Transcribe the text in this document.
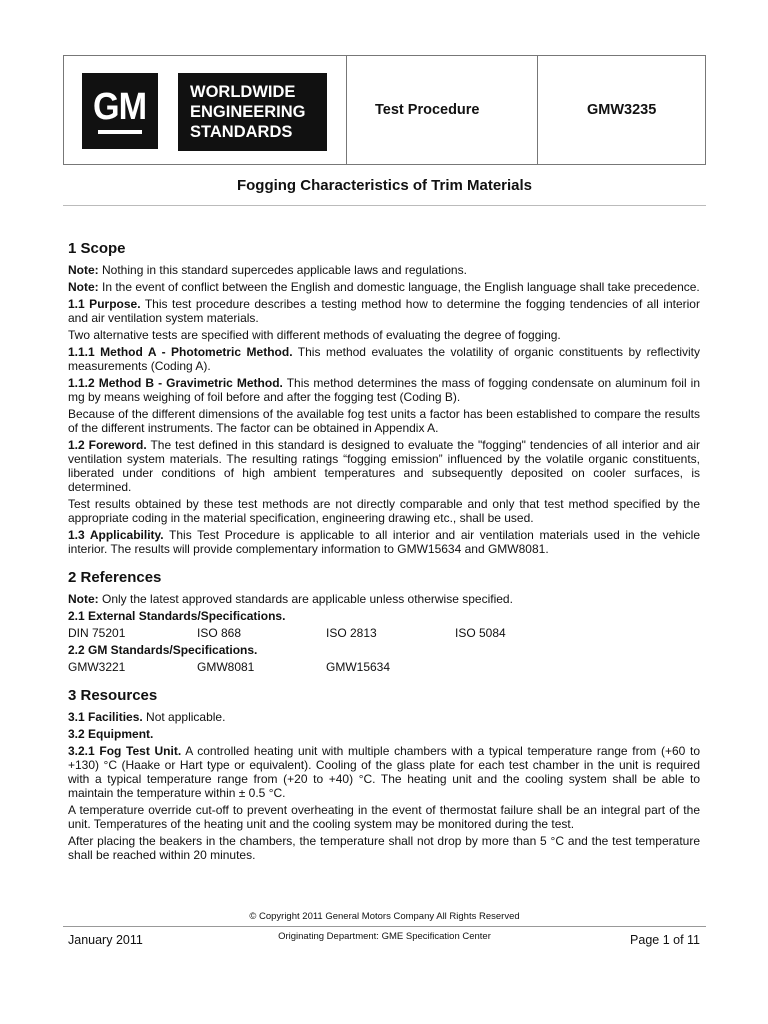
GM	WORLDWIDE
ENGINEERING
STANDARDS
Test Procedure	GMW3235
Fogging Characteristics of Trim Materials
1 Scope

Note: Nothing in this standard supercedes applicable laws and regulations.

Note: In the event of conflict between the English and domestic language, the English language shall take precedence.

1.1 Purpose. This test procedure describes a testing method how to determine the fogging tendencies of all interior and air ventilation system materials.

Two alternative tests are specified with different methods of evaluating the degree of fogging.

1.1.1 Method A - Photometric Method. This method evaluates the volatility of organic constituents by reflectivity measurements (Coding A).

1.1.2 Method B - Gravimetric Method. This method determines the mass of fogging condensate on aluminum foil in mg by means weighing of foil before and after the fogging test (Coding B).

Because of the different dimensions of the available fog test units a factor has been established to compare the results of the different instruments. The factor can be obtained in Appendix A.

1.2 Foreword. The test defined in this standard is designed to evaluate the "fogging" tendencies of all interior and air ventilation system materials. The resulting ratings “fogging emission” influenced by the volatile organic constituents, liberated under conditions of high ambient temperatures and subsequently deposited on cooler surfaces, is determined.

Test results obtained by these test methods are not directly comparable and only that test method specified by the appropriate coding in the material specification, engineering drawing etc., shall be used.

1.3 Applicability. This Test Procedure is applicable to all interior and air ventilation materials used in the vehicle interior. The results will provide complementary information to GMW15634 and GMW8081.

2 References

Note: Only the latest approved standards are applicable unless otherwise specified.

2.1 External Standards/Specifications.

DIN 75201	ISO 868	ISO 2813	ISO 5084

2.2 GM Standards/Specifications.

GMW3221	GMW8081	GMW15634
3 Resources

3.1 Facilities. Not applicable.

3.2 Equipment.

3.2.1 Fog Test Unit. A controlled heating unit with multiple chambers with a typical temperature range from (+60 to +130) °C (Haake or Hart type or equivalent). Cooling of the glass plate for each test chamber in the unit is required with a typical temperature range from (+20 to +40) °C. The heating unit and the cooling system shall be able to maintain the temperature within ± 0.5 °C.

A temperature override cut-off to prevent overheating in the event of thermostat failure shall be an integral part of the unit. Temperatures of the heating unit and the cooling system may be monitored during the test.

After placing the beakers in the chambers, the temperature shall not drop by more than 5 °C and the test temperature shall be reached within 20 minutes.

© Copyright 2011 General Motors Company All Rights Reserved
January 2011	Originating Department: GME Specification Center	Page 1 of 11
